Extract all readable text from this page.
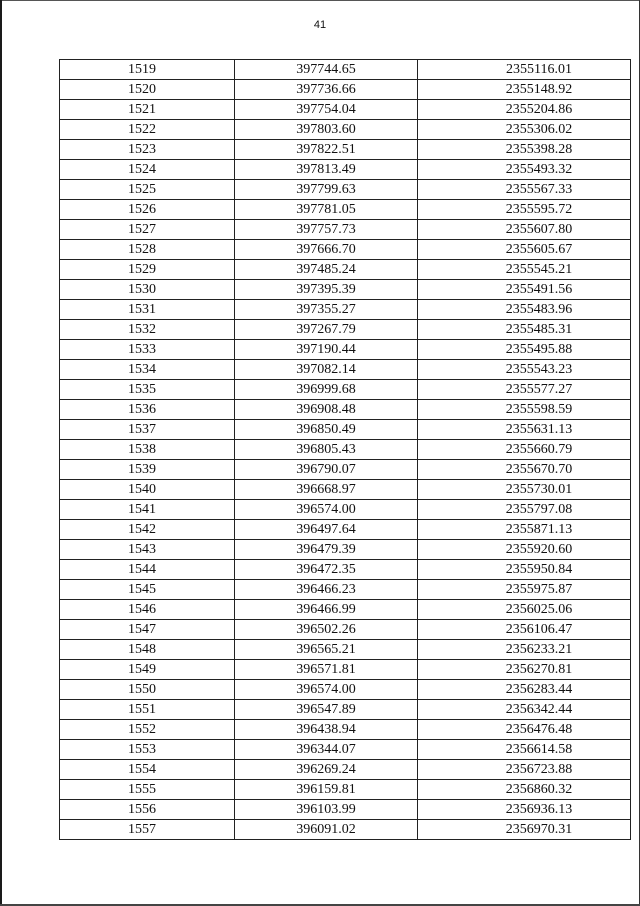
41
1519	397744.65	2355116.01
1520	397736.66	2355148.92
1521	397754.04	2355204.86
1522	397803.60	2355306.02
1523	397822.51	2355398.28
1524	397813.49	2355493.32
1525	397799.63	2355567.33
1526	397781.05	2355595.72
1527	397757.73	2355607.80
1528	397666.70	2355605.67
1529	397485.24	2355545.21
1530	397395.39	2355491.56
1531	397355.27	2355483.96
1532	397267.79	2355485.31
1533	397190.44	2355495.88
1534	397082.14	2355543.23
1535	396999.68	2355577.27
1536	396908.48	2355598.59
1537	396850.49	2355631.13
1538	396805.43	2355660.79
1539	396790.07	2355670.70
1540	396668.97	2355730.01
1541	396574.00	2355797.08
1542	396497.64	2355871.13
1543	396479.39	2355920.60
1544	396472.35	2355950.84
1545	396466.23	2355975.87
1546	396466.99	2356025.06
1547	396502.26	2356106.47
1548	396565.21	2356233.21
1549	396571.81	2356270.81
1550	396574.00	2356283.44
1551	396547.89	2356342.44
1552	396438.94	2356476.48
1553	396344.07	2356614.58
1554	396269.24	2356723.88
1555	396159.81	2356860.32
1556	396103.99	2356936.13
1557	396091.02	2356970.31
